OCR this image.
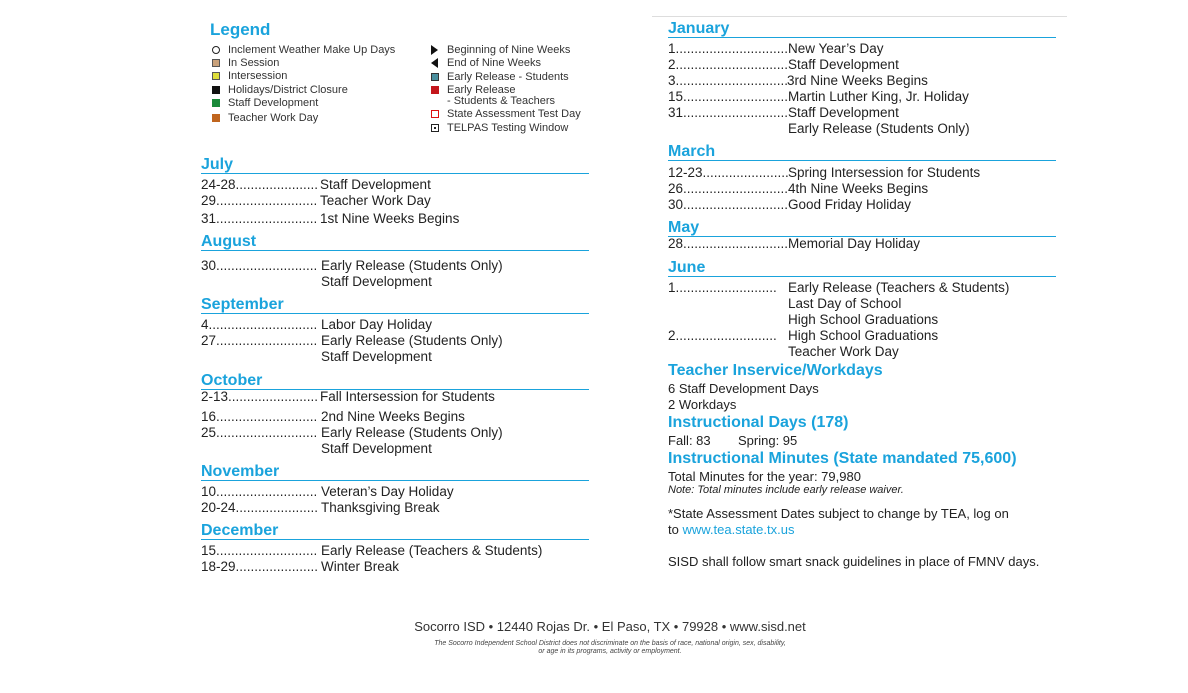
Legend
Inclement Weather Make Up Days
In Session
Intersession
Holidays/District Closure
Staff Development
Teacher Work Day
Beginning of Nine Weeks
End of Nine Weeks
Early Release - Students
Early Release
- Students & Teachers
State Assessment Test Day
TELPAS Testing Window
July
24-28...................... Staff Development
29........................... Teacher Work Day
31........................... 1st Nine Weeks Begins
August
30........................... Early Release (Students Only)
Staff Development
September
4............................. Labor Day Holiday
27........................... Early Release (Students Only)
Staff Development
October
2-13........................ Fall Intersession for Students
16........................... 2nd Nine Weeks Begins
25........................... Early Release (Students Only)
Staff Development
November
10........................... Veteran’s Day Holiday
20-24...................... Thanksgiving Break
December
15........................... Early Release (Teachers & Students)
18-29...................... Winter Break
January
1.............................. New Year’s Day
2.............................. Staff Development
3..............................
3rd Nine Weeks Begins
15............................ Martin Luther King, Jr. Holiday
31............................ Staff Development
Early Release (Students Only)
March
12-23....................... Spring Intersession for Students
26............................ 4th Nine Weeks Begins
30............................ Good Friday Holiday
May
28............................ Memorial Day Holiday
June
1........................... Early Release (Teachers & Students)
Last Day of School
High School Graduations
2........................... High School Graduations
Teacher Work Day
Teacher Inservice/Workdays
6 Staff Development Days
2 Workdays
Instructional Days (178)
Fall: 83 Spring: 95
Instructional Minutes (State mandated 75,600)
Total Minutes for the year: 79,980
Note: Total minutes include early release waiver.
*State Assessment Dates subject to change by TEA, log on
to www.tea.state.tx.us
SISD shall follow smart snack guidelines in place of FMNV days.
Socorro ISD • 12440 Rojas Dr. • El Paso, TX • 79928 • www.sisd.net
The Socorro Independent School District does not discriminate on the basis of race, national origin, sex, disability,
or age in its programs, activity or employment.
